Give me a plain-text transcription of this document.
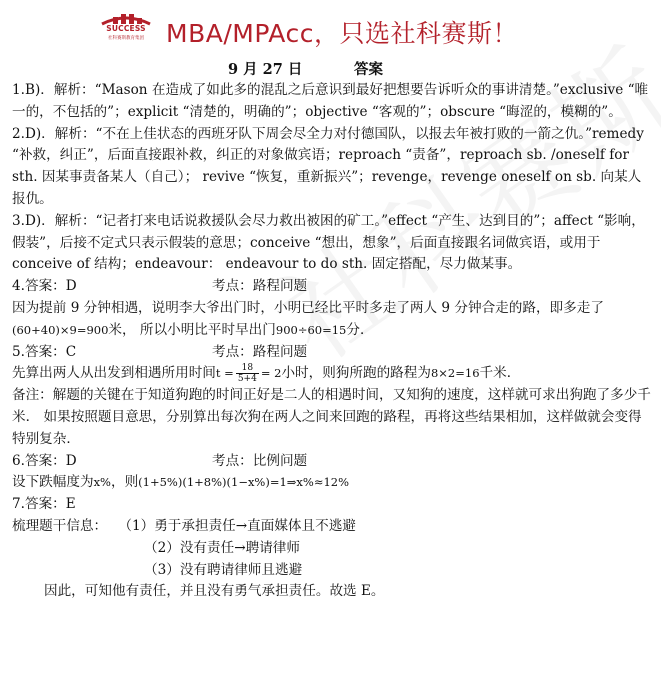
SUCCESS
社科赛斯教育集团 MBA/MPAcc，只选社科赛斯！
9 月 27 日	答案

1.B)．解析：“Mason 在造成了如此多的混乱之后意识到最好把想要告诉听众的事讲清楚。”exclusive “唯一的，不包括的”；explicit “清楚的，明确的”；objective “客观的”；obscure “晦涩的，模糊的”。

2.D)．解析：“不在上佳状态的西班牙队下周会尽全力对付德国队，以报去年被打败的一箭之仇。”remedy “补救，纠正”，后面直接跟补救，纠正的对象做宾语；reproach “责备”，reproach sb. /oneself for sth. 因某事责备某人（自己）； revive “恢复，重新振兴”；revenge，revenge oneself on sb. 向某人报仇。

3.D)．解析：“记者打来电话说救援队会尽力救出被困的矿工。”effect “产生、达到目的”；affect “影响，假装”，后接不定式只表示假装的意思；conceive “想出，想象”，后面直接跟名词做宾语，或用于 conceive of 结构；endeavour： endeavour to do sth. 固定搭配，尽力做某事。

4.答案：D	考点：路程问题

因为提前 9 分钟相遇，说明李大爷出门时，小明已经比平时多走了两人 9 分钟合走的路，即多走了(60+40)×9=900米， 所以小明比平时早出门900÷60=15分．

5.答案：C	考点：路程问题

先算出两人从出发到相遇所用时间$t = \frac{18}{5+4} = 2$小时，则狗所跑的路程为8×2=16千米．

备注：解题的关键在于知道狗跑的时间正好是二人的相遇时间，又知狗的速度，这样就可求出狗跑了多少千米． 如果按照题目意思，分别算出每次狗在两人之间来回跑的路程，再将这些结果相加，这样做就会变得特别复杂．

6.答案：D	考点：比例问题

设下跌幅度为x%，则(1+5%)(1+8%)(1−x%)=1⇒x%≈12%

7.答案：E

梳理题干信息： （1）勇于承担责任→直面媒体且不逃避

（2）没有责任→聘请律师

（3）没有聘请律师且逃避

因此，可知他有责任，并且没有勇气承担责任。故选 E。
